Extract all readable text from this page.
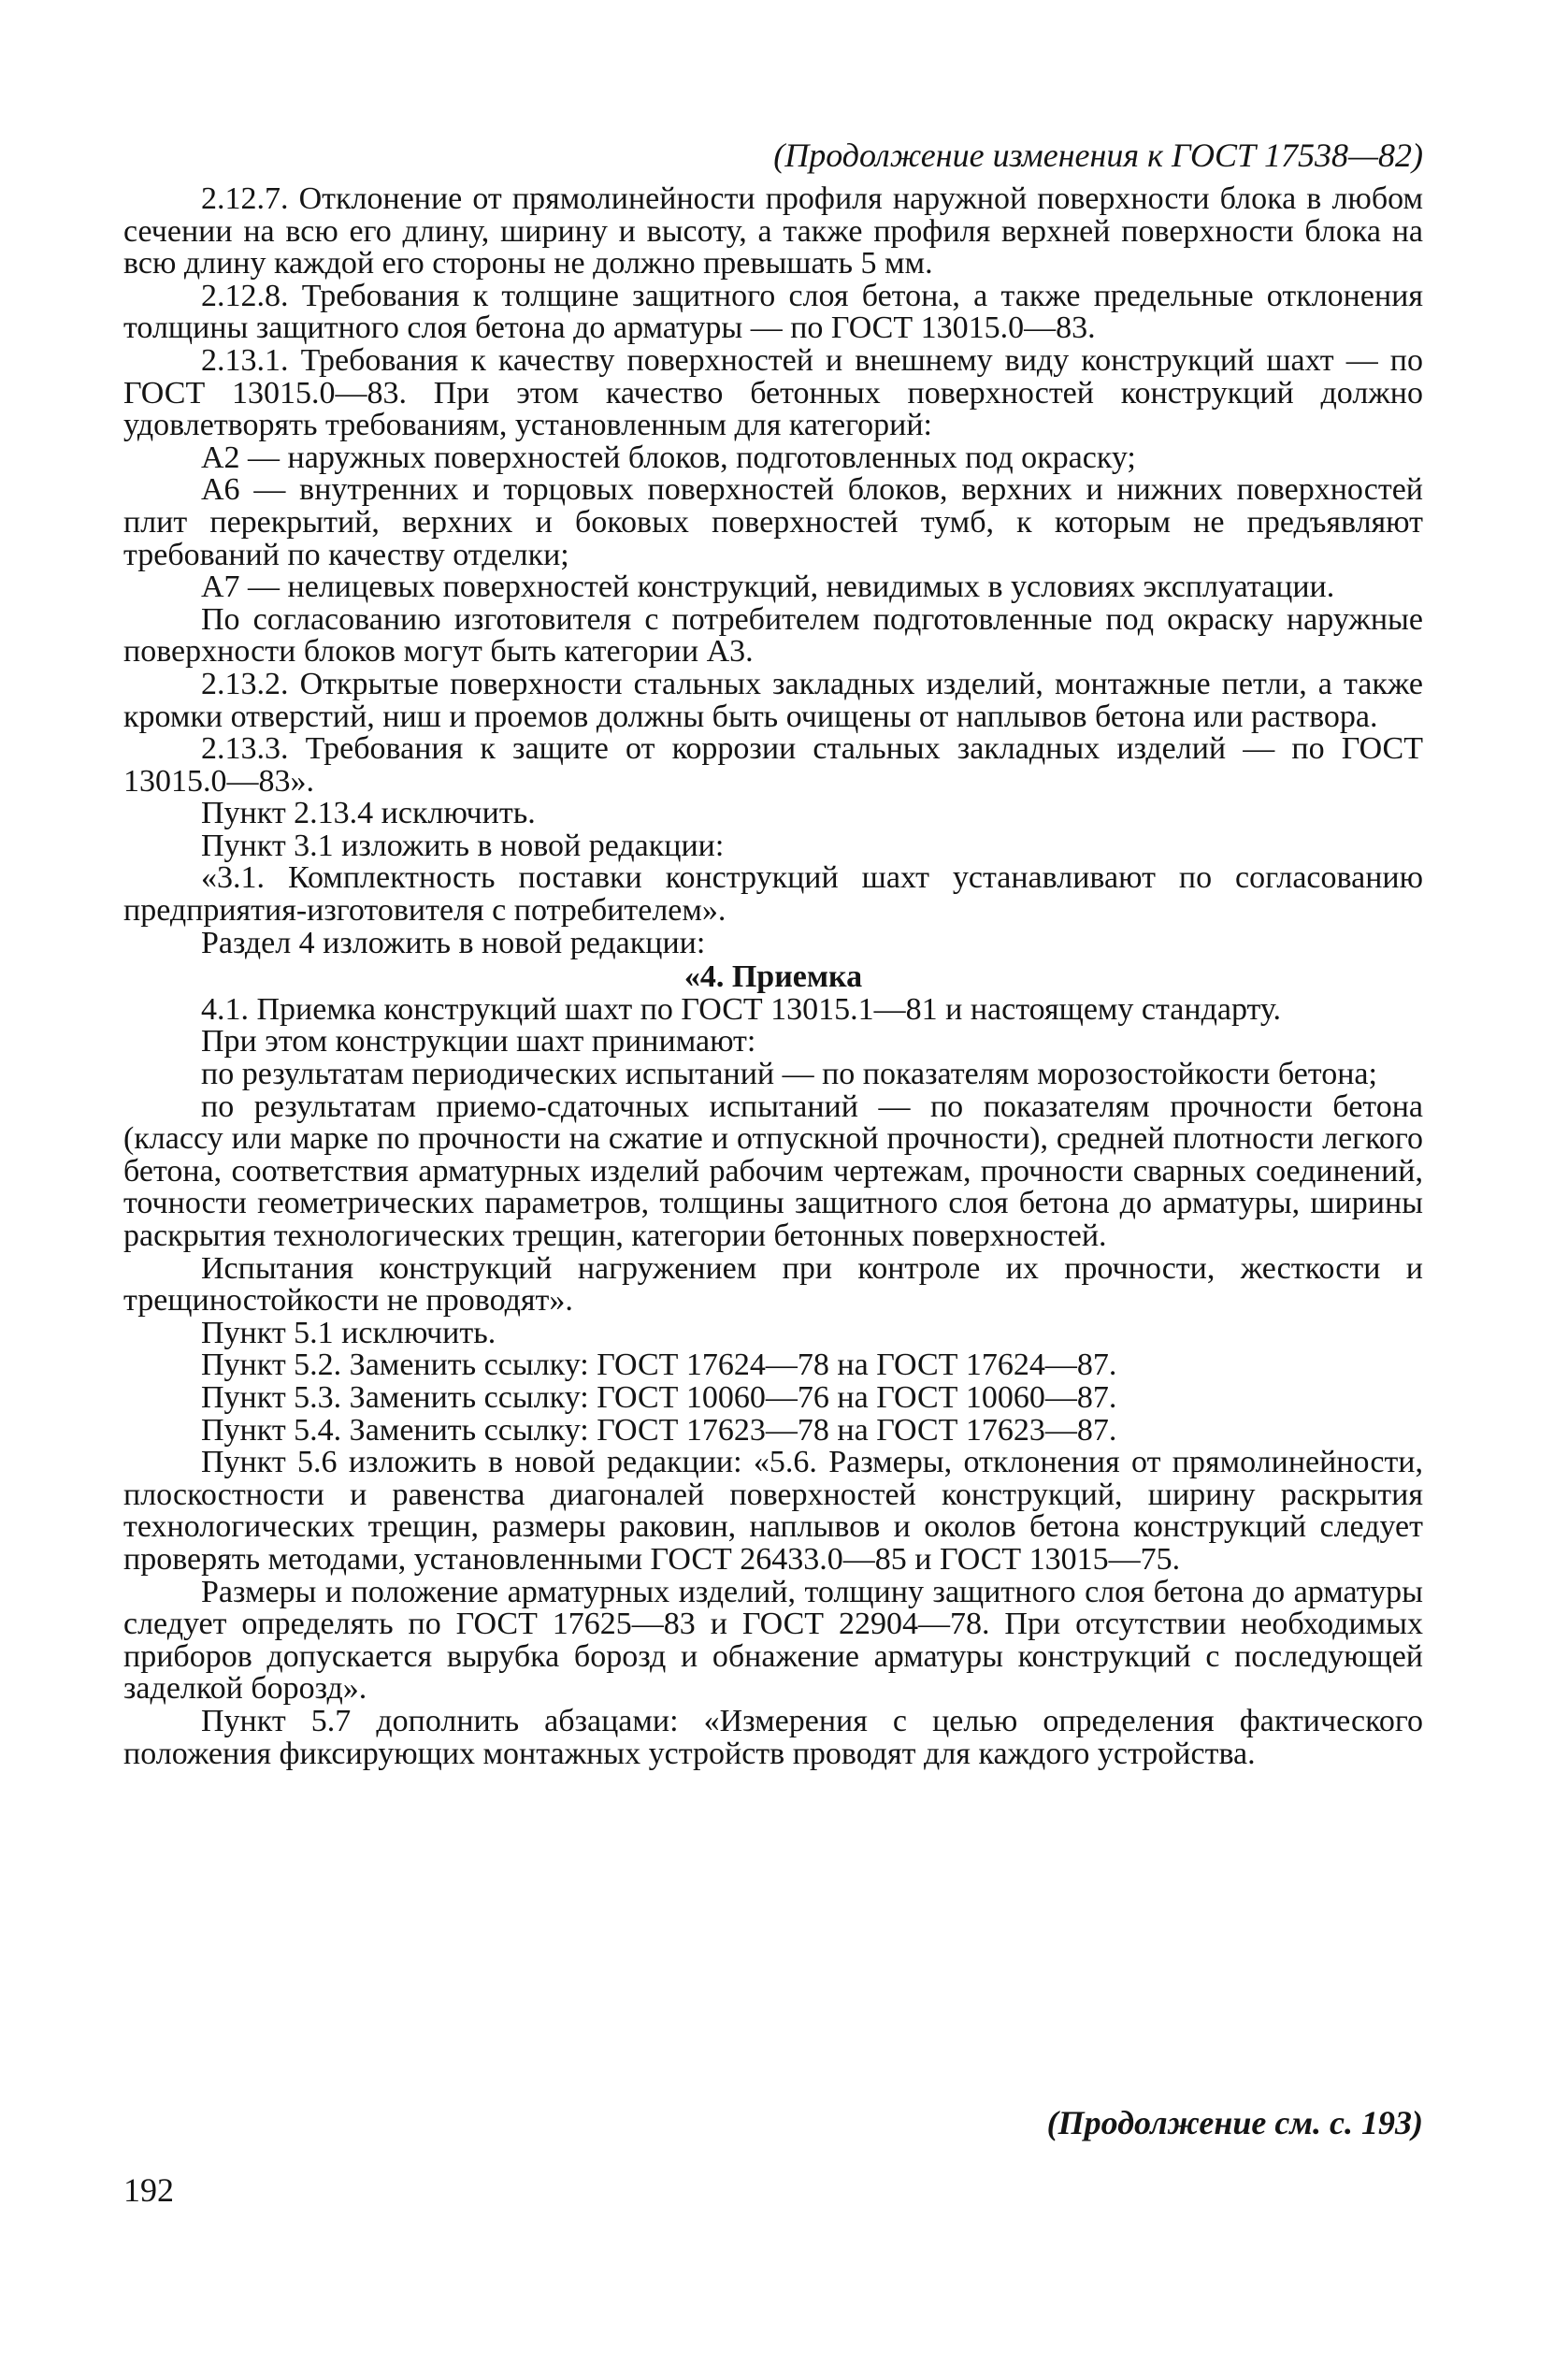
(Продолжение изменения к ГОСТ 17538—82)

2.12.7. Отклонение от прямолинейности профиля наружной поверхности блока в любом сечении на всю его длину, ширину и высоту, а также профиля верхней поверхности блока на всю длину каждой его стороны не должно превышать 5 мм.

2.12.8. Требования к толщине защитного слоя бетона, а также предельные отклонения толщины защитного слоя бетона до арматуры — по ГОСТ 13015.0—83.

2.13.1. Требования к качеству поверхностей и внешнему виду конструкций шахт — по ГОСТ 13015.0—83. При этом качество бетонных поверхностей конструкций должно удовлетворять требованиям, установленным для категорий:

А2 — наружных поверхностей блоков, подготовленных под окраску;

А6 — внутренних и торцовых поверхностей блоков, верхних и нижних поверхностей плит перекрытий, верхних и боковых поверхностей тумб, к которым не предъявляют требований по качеству отделки;

А7 — нелицевых поверхностей конструкций, невидимых в условиях эксплуатации.

По согласованию изготовителя с потребителем подготовленные под окраску наружные поверхности блоков могут быть категории А3.

2.13.2. Открытые поверхности стальных закладных изделий, монтажные петли, а также кромки отверстий, ниш и проемов должны быть очищены от наплывов бетона или раствора.

2.13.3. Требования к защите от коррозии стальных закладных изделий — по ГОСТ 13015.0—83».

Пункт 2.13.4 исключить.

Пункт 3.1 изложить в новой редакции:

«3.1. Комплектность поставки конструкций шахт устанавливают по согласованию предприятия-изготовителя с потребителем».

Раздел 4 изложить в новой редакции:

«4. Приемка

4.1. Приемка конструкций шахт по ГОСТ 13015.1—81 и настоящему стандарту.

При этом конструкции шахт принимают:

по результатам периодических испытаний — по показателям морозостойкости бетона;

по результатам приемо-сдаточных испытаний — по показателям прочности бетона (классу или марке по прочности на сжатие и отпускной прочности), средней плотности легкого бетона, соответствия арматурных изделий рабочим чертежам, прочности сварных соединений, точности геометрических параметров, толщины защитного слоя бетона до арматуры, ширины раскрытия технологических трещин, категории бетонных поверхностей.

Испытания конструкций нагружением при контроле их прочности, жесткости и трещиностойкости не проводят».

Пункт 5.1 исключить.

Пункт 5.2. Заменить ссылку: ГОСТ 17624—78 на ГОСТ 17624—87.

Пункт 5.3. Заменить ссылку: ГОСТ 10060—76 на ГОСТ 10060—87.

Пункт 5.4. Заменить ссылку: ГОСТ 17623—78 на ГОСТ 17623—87.

Пункт 5.6 изложить в новой редакции: «5.6. Размеры, отклонения от прямолинейности, плоскостности и равенства диагоналей поверхностей конструкций, ширину раскрытия технологических трещин, размеры раковин, наплывов и околов бетона конструкций следует проверять методами, установленными ГОСТ 26433.0—85 и ГОСТ 13015—75.

Размеры и положение арматурных изделий, толщину защитного слоя бетона до арматуры следует определять по ГОСТ 17625—83 и ГОСТ 22904—78. При отсутствии необходимых приборов допускается вырубка борозд и обнажение арматуры конструкций с последующей заделкой борозд».

Пункт 5.7 дополнить абзацами: «Измерения с целью определения фактического положения фиксирующих монтажных устройств проводят для каждого устройства.

(Продолжение см. с. 193)
192
